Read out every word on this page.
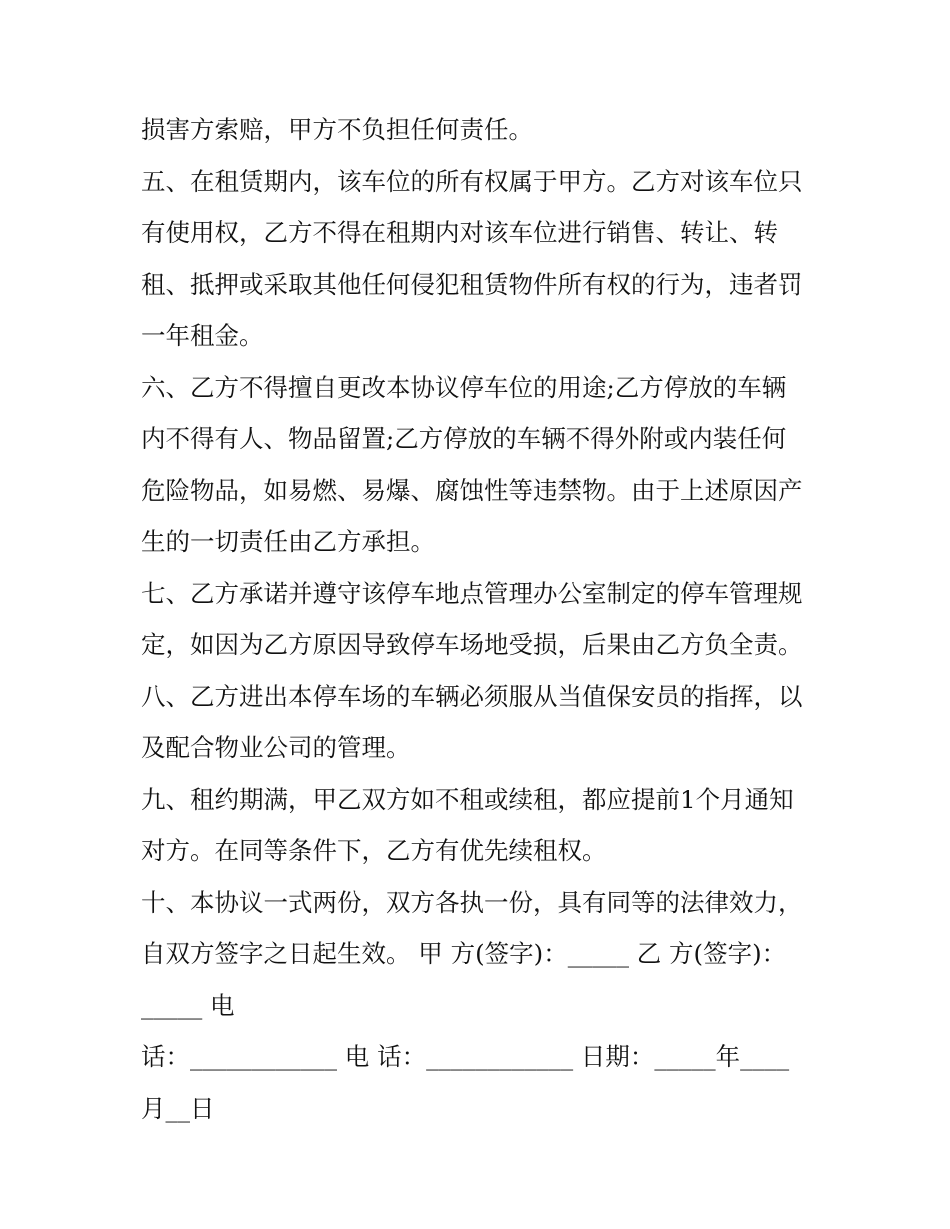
损害方索赔，甲方不负担任何责任。
五、在租赁期内，该车位的所有权属于甲方。乙方对该车位只
有使用权，乙方不得在租期内对该车位进行销售、转让、转
租、抵押或采取其他任何侵犯租赁物件所有权的行为，违者罚
一年租金。
六、乙方不得擅自更改本协议停车位的用途;乙方停放的车辆
内不得有人、物品留置;乙方停放的车辆不得外附或内装任何
危险物品，如易燃、易爆、腐蚀性等违禁物。由于上述原因产
生的一切责任由乙方承担。
七、乙方承诺并遵守该停车地点管理办公室制定的停车管理规
定，如因为乙方原因导致停车场地受损，后果由乙方负全责。
八、乙方进出本停车场的车辆必须服从当值保安员的指挥，以
及配合物业公司的管理。
九、租约期满，甲乙双方如不租或续租，都应提前1个月通知
对方。在同等条件下，乙方有优先续租权。
十、本协议一式两份，双方各执一份，具有同等的法律效力，
自双方签字之日起生效。 甲 方(签字)：_____ 乙 方(签字)：
_____ 电
话：____________ 电 话：____________ 日期：_____年____
月__日
